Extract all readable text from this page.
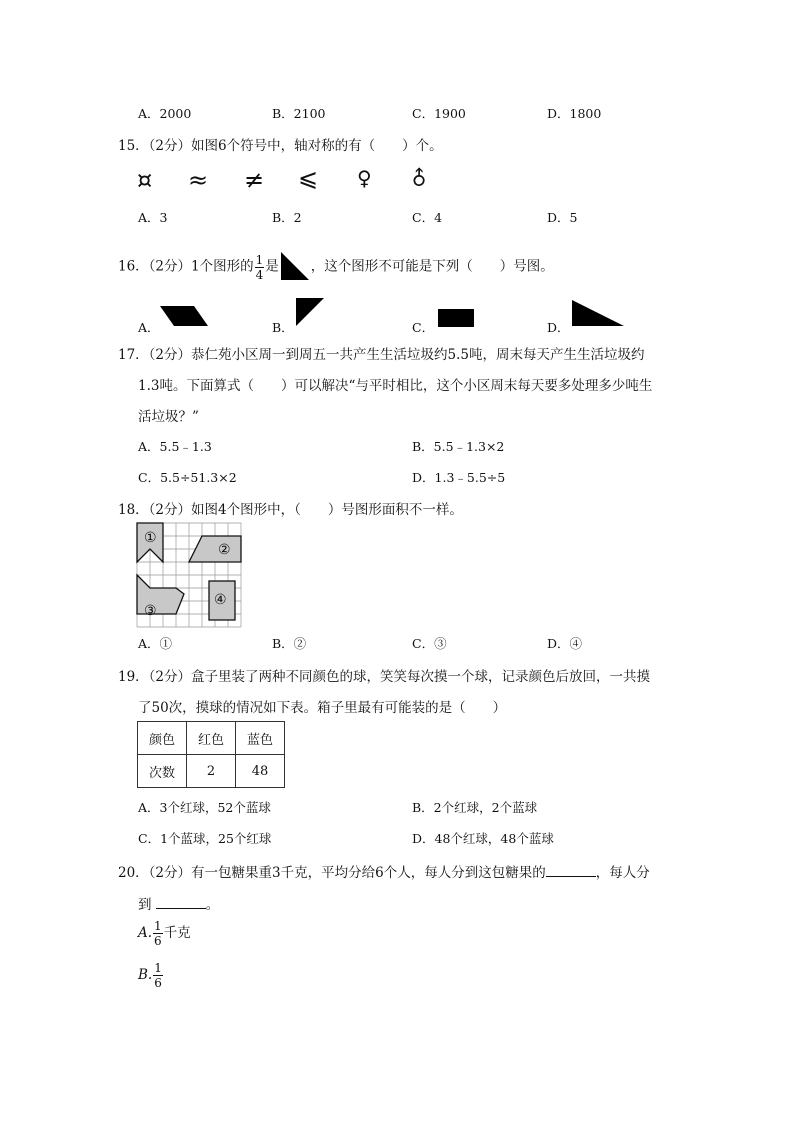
A．2000	B．2100	C．1900	D．1800
15．（2分）如图6个符号中，轴对称的有（　　）个。
¤ ≈ ≠ ⩽ ♀ ♂
A．3	B．2	C．4	D．5
16．（2分）1个图形的 $\frac{1}{4}$ 是 ，这个图形不可能是下列（　　）号图。
A．	B．	C．	D．
17．（2分）恭仁苑小区周一到周五一共产生生活垃圾约5.5吨，周末每天产生生活垃圾约
1.3吨。下面算式（　　）可以解决“与平时相比，这个小区周末每天要多处理多少吨生
活垃圾？”
A．5.5﹣1.3	B．5.5﹣1.3×2
C．5.5÷51.3×2	D．1.3﹣5.5÷5
18．（2分）如图4个图形中，（　　）号图形面积不一样。
①
②
③
④
A．①	B．②	C．③	D．④
19．（2分）盒子里装了两种不同颜色的球，笑笑每次摸一个球，记录颜色后放回，一共摸
了50次，摸球的情况如下表。箱子里最有可能装的是（　　）
颜色	红色	蓝色
次数	2	48
A．3个红球，52个蓝球	B．2个红球，2个蓝球
C．1个蓝球，25个红球	D．48个红球，48个蓝球
20．（2分）有一包糖果重3千克，平均分给6个人，每人分到这包糖果的	，每人分
到	。
A. $\frac{1}{6}$ 千克
B. $\frac{1}{6}$
